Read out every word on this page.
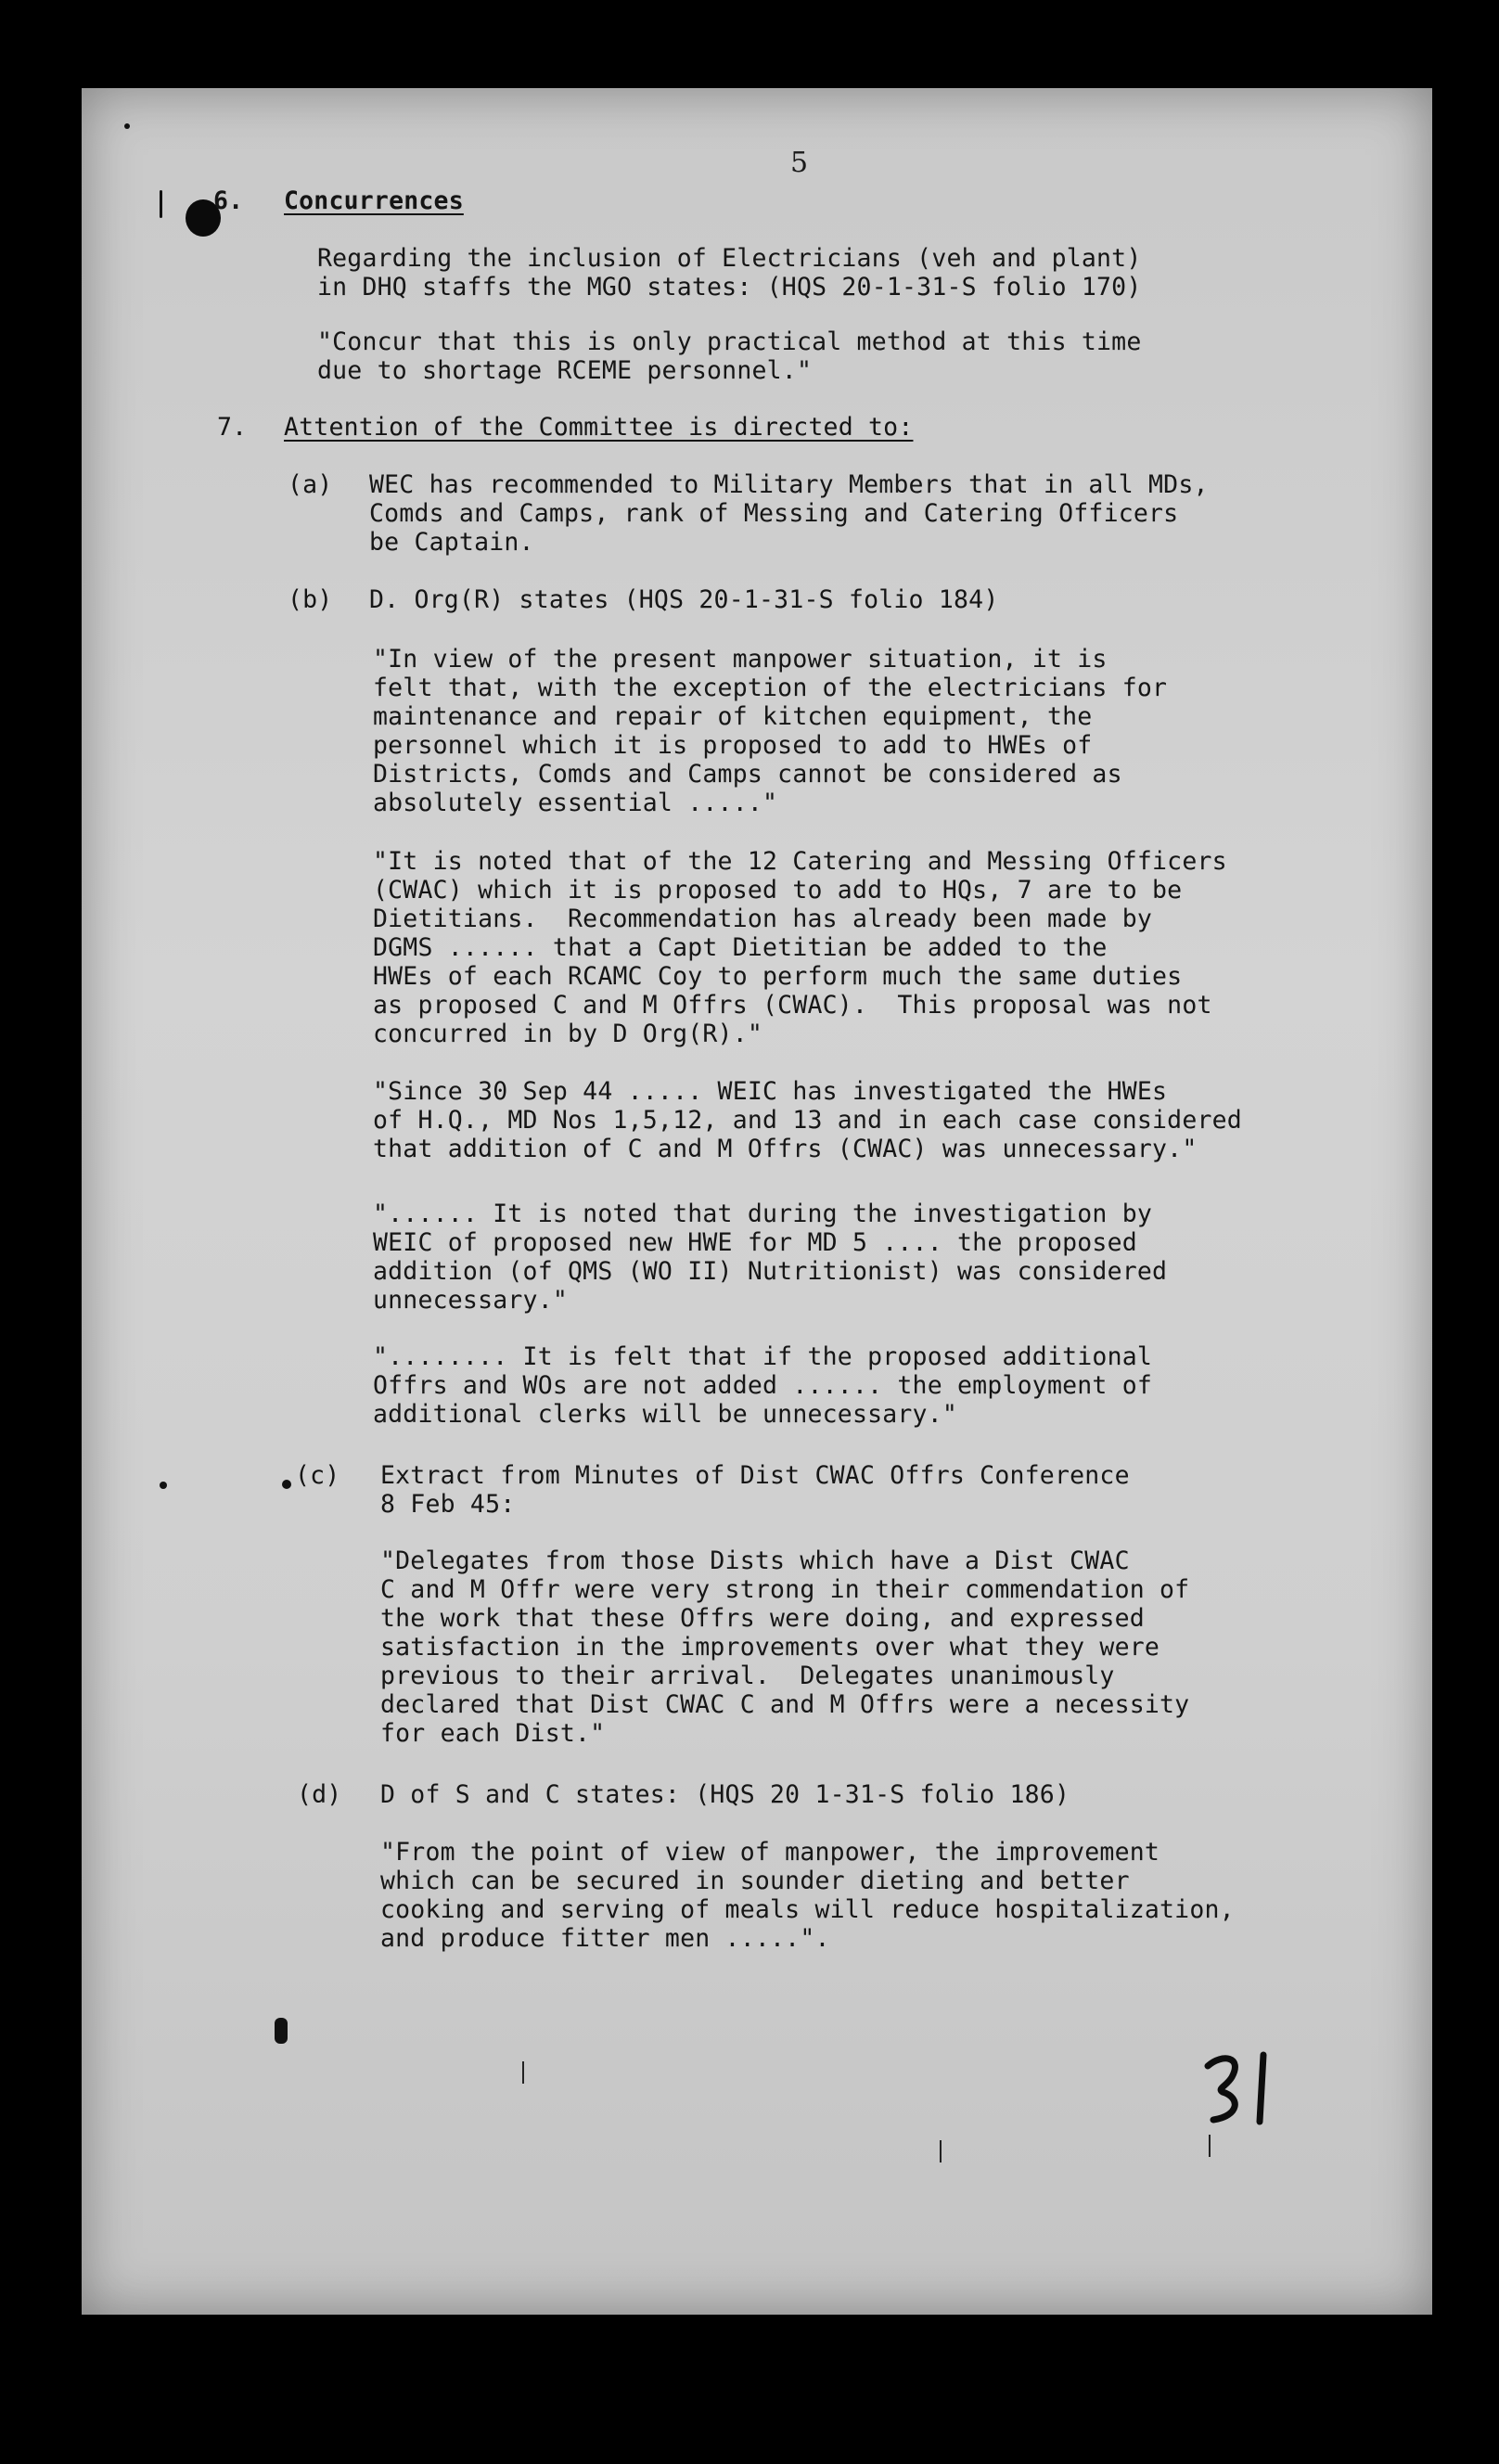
5
6. Concurrences
Regarding the inclusion of Electricians (veh and plant)
in DHQ staffs the MGO states: (HQS 20-1-31-S folio 170)
"Concur that this is only practical method at this time
due to shortage RCEME personnel."
7. Attention of the Committee is directed to:
(a) WEC has recommended to Military Members that in all MDs,
Comds and Camps, rank of Messing and Catering Officers
be Captain.
(b) D. Org(R) states (HQS 20-1-31-S folio 184)
"In view of the present manpower situation, it is
felt that, with the exception of the electricians for
maintenance and repair of kitchen equipment, the
personnel which it is proposed to add to HWEs of
Districts, Comds and Camps cannot be considered as
absolutely essential ....."
"It is noted that of the 12 Catering and Messing Officers
(CWAC) which it is proposed to add to HQs, 7 are to be
Dietitians.  Recommendation has already been made by
DGMS ...... that a Capt Dietitian be added to the
HWEs of each RCAMC Coy to perform much the same duties
as proposed C and M Offrs (CWAC).  This proposal was not
concurred in by D Org(R)."
"Since 30 Sep 44 ..... WEIC has investigated the HWEs
of H.Q., MD Nos 1,5,12, and 13 and in each case considered
that addition of C and M Offrs (CWAC) was unnecessary."
"...... It is noted that during the investigation by
WEIC of proposed new HWE for MD 5 .... the proposed
addition (of QMS (WO II) Nutritionist) was considered
unnecessary."
"........ It is felt that if the proposed additional
Offrs and WOs are not added ...... the employment of
additional clerks will be unnecessary."
(c) Extract from Minutes of Dist CWAC Offrs Conference
8 Feb 45:
"Delegates from those Dists which have a Dist CWAC
C and M Offr were very strong in their commendation of
the work that these Offrs were doing, and expressed
satisfaction in the improvements over what they were
previous to their arrival.  Delegates unanimously
declared that Dist CWAC C and M Offrs were a necessity
for each Dist."
(d) D of S and C states: (HQS 20 1-31-S folio 186)
"From the point of view of manpower, the improvement
which can be secured in sounder dieting and better
cooking and serving of meals will reduce hospitalization,
and produce fitter men .....".
